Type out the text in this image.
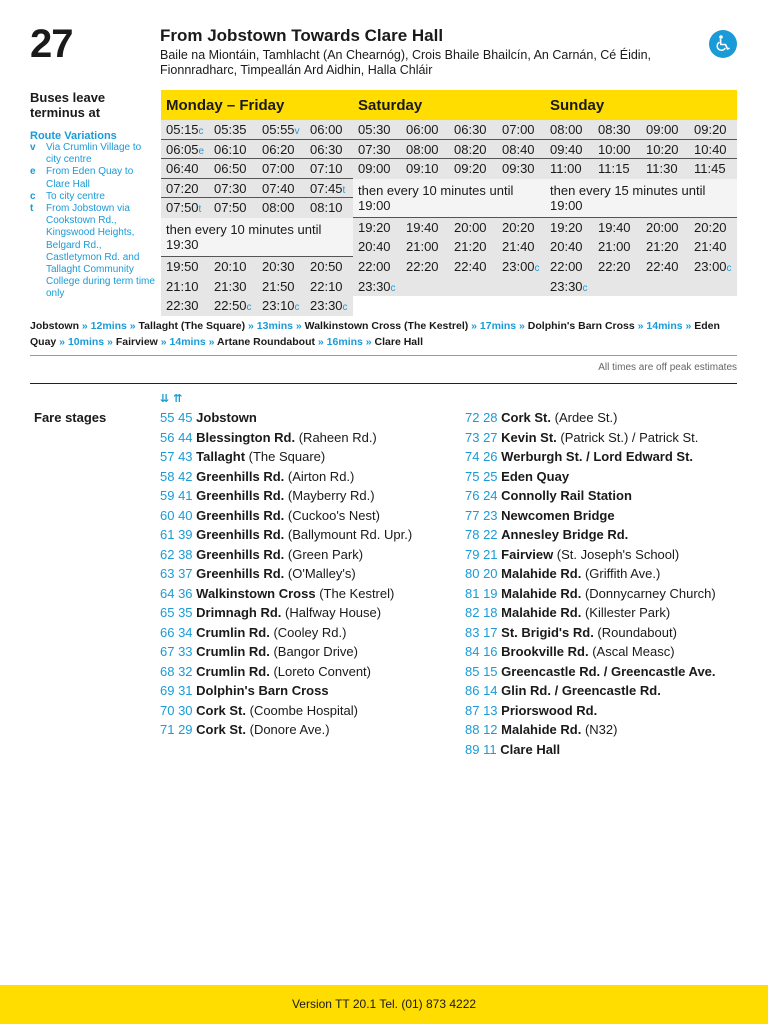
27	From Jobstown Towards Clare Hall
Baile na Miontáin, Tamhlacht (An Chearnóg), Crois Bhaile Bhailcín, An Carnán, Cé Éidin, Fionnradharc, Timpeallán Ard Aidhin, Halla Chláir
Buses leave terminus at
Route Variations
v	Via Crumlin Village to city centre
e	From Eden Quay to Clare Hall
c	To city centre
t	From Jobstown via Cookstown Rd., Kingswood Heights, Belgard Rd., Castletymon Rd. and Tallaght Community College during term time only
Monday – Friday
05:15c 05:35	05:55v 06:00
06:05e 06:10	06:20	06:30
06:40	06:50	07:00	07:10
07:20	07:30	07:40	07:45t
07:50t 07:50	08:00	08:10
then every 10 minutes until 19:30
19:50	20:10	20:30	20:50
21:10	21:30	21:50	22:10
22:30	22:50c 23:10c 23:30c
Saturday
05:30	06:00	06:30	07:00
07:30	08:00	08:20	08:40
09:00	09:10	09:20	09:30
then every 10 minutes until 19:00
19:20	19:40	20:00	20:20
20:40	21:00	21:20	21:40
22:00	22:20	22:40	23:00c
23:30c
Sunday
08:00	08:30	09:00	09:20
09:40	10:00	10:20	10:40
11:00	11:15	11:30	11:45
then every 15 minutes until 19:00
19:20	19:40	20:00	20:20
20:40	21:00	21:20	21:40
22:00	22:20	22:40	23:00c
23:30c
Jobstown » 12mins » Tallaght (The Square) » 13mins » Walkinstown Cross (The Kestrel) » 17mins » Dolphin's Barn Cross » 14mins » Eden Quay » 10mins » Fairview » 14mins » Artane Roundabout » 16mins » Clare Hall
All times are off peak estimates
⇊⇈
Fare stages	55 45 Jobstown
56 44 Blessington Rd. (Raheen Rd.)
57 43 Tallaght (The Square)
58 42 Greenhills Rd. (Airton Rd.)
59 41 Greenhills Rd. (Mayberry Rd.)
60 40 Greenhills Rd. (Cuckoo's Nest)
61 39 Greenhills Rd. (Ballymount Rd. Upr.)
62 38 Greenhills Rd. (Green Park)
63 37 Greenhills Rd. (O'Malley's)
64 36 Walkinstown Cross (The Kestrel)
65 35 Drimnagh Rd. (Halfway House)
66 34 Crumlin Rd. (Cooley Rd.)
67 33 Crumlin Rd. (Bangor Drive)
68 32 Crumlin Rd. (Loreto Convent)
69 31 Dolphin's Barn Cross
70 30 Cork St. (Coombe Hospital)
71 29 Cork St. (Donore Ave.)
72 28 Cork St. (Ardee St.)
73 27 Kevin St. (Patrick St.) / Patrick St.
74 26 Werburgh St. / Lord Edward St.
75 25 Eden Quay
76 24 Connolly Rail Station
77 23 Newcomen Bridge
78 22 Annesley Bridge Rd.
79 21 Fairview (St. Joseph's School)
80 20 Malahide Rd. (Griffith Ave.)
81 19 Malahide Rd. (Donnycarney Church)
82 18 Malahide Rd. (Killester Park)
83 17 St. Brigid's Rd. (Roundabout)
84 16 Brookville Rd. (Ascal Measc)
85 15 Greencastle Rd. / Greencastle Ave.
86 14 Glin Rd. / Greencastle Rd.
87 13 Priorswood Rd.
88 12 Malahide Rd. (N32)
89 11 Clare Hall
Version TT 20.1 Tel. (01) 873 4222
